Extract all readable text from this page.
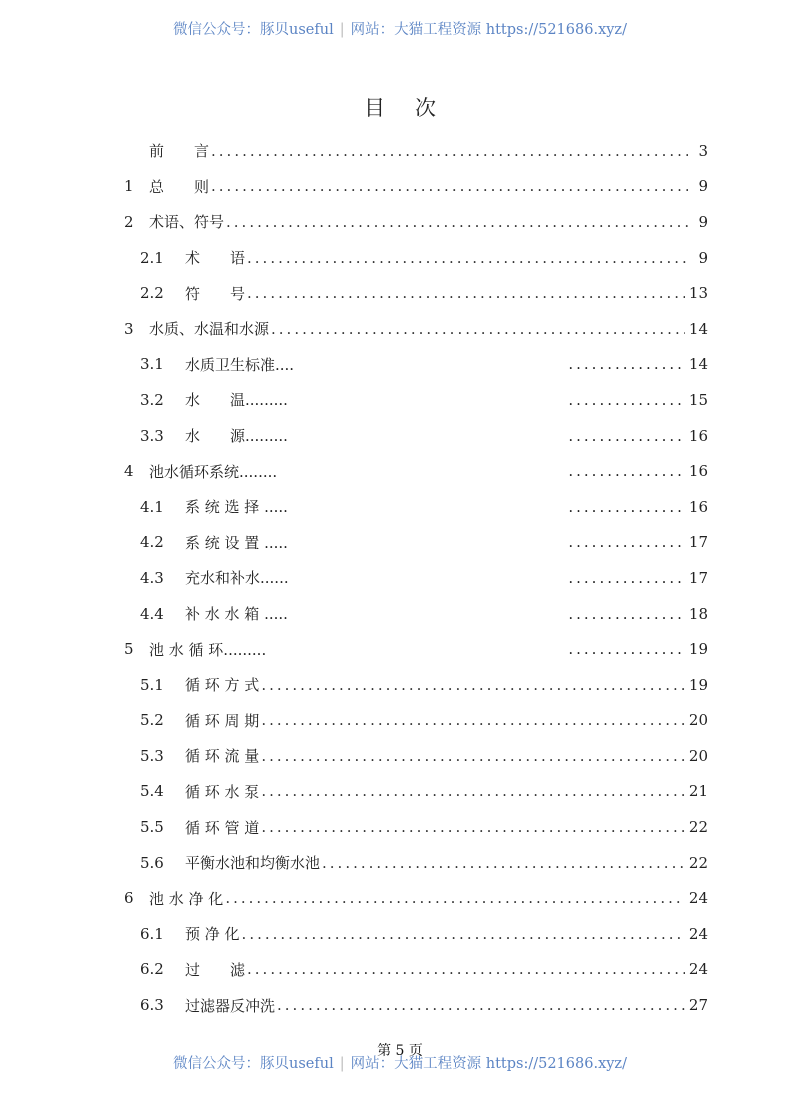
微信公众号：豚贝useful | 网站：大猫工程资源 https://521686.xyz/
目次
前　　言 .....	3
1	总　　则 .....	9
2	术语、符号 .....	9
2.1	术　　语 .....	9
2.2	符　　号 .....	13
3	水质、水温和水源 .....	14
3.1	水质卫生标准.... .....	14
3.2	水　　温......... .....	15
3.3	水　　源......... .....	16
4	池水循环系统........ .....	16
4.1	系 统 选 择 ..... .....	16
4.2	系 统 设 置 ..... .....	17
4.3	充水和补水...... .....	17
4.4	补 水 水 箱 ..... .....	18
5	池 水 循 环......... .....	19
5.1	循 环 方 式 .....	19
5.2	循 环 周 期 .....	20
5.3	循 环 流 量 .....	20
5.4	循 环 水 泵 .....	21
5.5	循 环 管 道 .....	22
5.6	平衡水池和均衡水池 .....	22
6	池 水 净 化 .....	24
6.1	预 净 化 .....	24
6.2	过　　滤 .....	24
6.3	过滤器反冲洗 .....	27
第 5 页
微信公众号：豚贝useful | 网站：大猫工程资源 https://521686.xyz/
